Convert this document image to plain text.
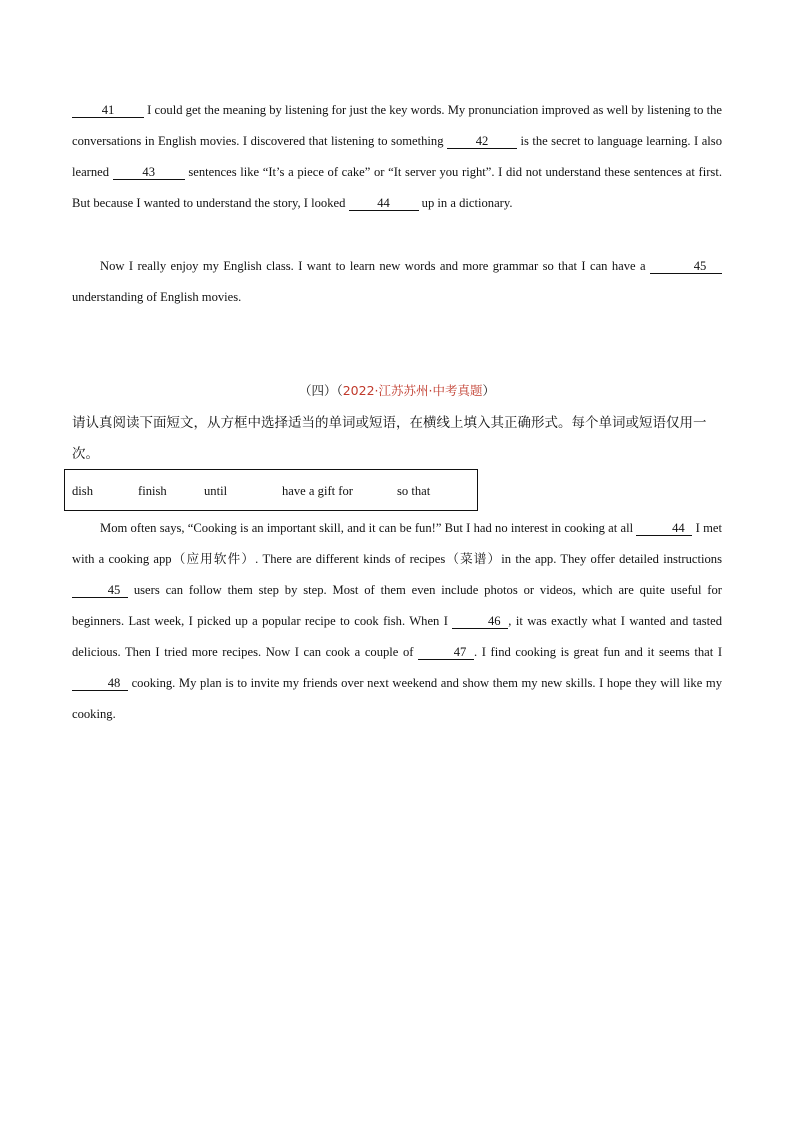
41 I could get the meaning by listening for just the key words. My pronunciation improved as well by listening to the conversations in English movies. I discovered that listening to something 42 is the secret to language learning. I also learned 43 sentences like “It’s a piece of cake” or “It server you right”. I did not understand these sentences at first. But because I wanted to understand the story, I looked 44 up in a dictionary.
Now I really enjoy my English class. I want to learn new words and more grammar so that I can have a	45 understanding of English movies.
（四）（2022·江苏苏州·中考真题）
请认真阅读下面短文，从方框中选择适当的单词或短语，在横线上填入其正确形式。每个单词或短语仅用一次。
dish	finish	until	have a gift for	so that
Mom often says, “Cooking is an important skill, and it can be fun!” But I had no interest in cooking at all	44 I met with a cooking app（应用软件）. There are different kinds of recipes（菜谱）in the app. They offer detailed instructions 45 users can follow them step by step. Most of them even include photos or videos, which are quite useful for beginners. Last week, I picked up a popular recipe to cook fish. When I	46 , it was exactly what I wanted and tasted delicious. Then I tried more recipes. Now I can cook a couple of	47 . I find cooking is great fun and it seems that I 48 cooking. My plan is to invite my friends over next weekend and show them my new skills. I hope they will like my cooking.
